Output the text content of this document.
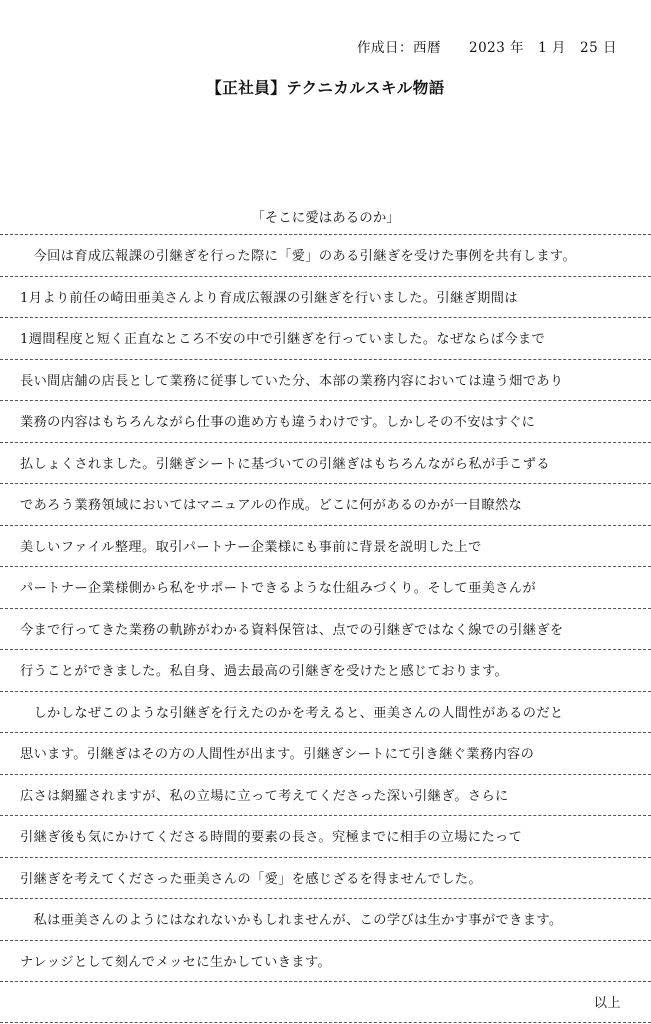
作成日：西暦　　2023 年　1 月　25 日
【正社員】テクニカルスキル物語
「そこに愛はあるのか」
　今回は育成広報課の引継ぎを行った際に「愛」のある引継ぎを受けた事例を共有します。
1月より前任の崎田亜美さんより育成広報課の引継ぎを行いました。引継ぎ期間は
1週間程度と短く正直なところ不安の中で引継ぎを行っていました。なぜならば今まで
長い間店舗の店長として業務に従事していた分、本部の業務内容においては違う畑であり
業務の内容はもちろんながら仕事の進め方も違うわけです。しかしその不安はすぐに
払しょくされました。引継ぎシートに基づいての引継ぎはもちろんながら私が手こずる
であろう業務領域においてはマニュアルの作成。どこに何があるのかが一目瞭然な
美しいファイル整理。取引パートナー企業様にも事前に背景を説明した上で
パートナー企業様側から私をサポートできるような仕組みづくり。そして亜美さんが
今まで行ってきた業務の軌跡がわかる資料保管は、点での引継ぎではなく線での引継ぎを
行うことができました。私自身、過去最高の引継ぎを受けたと感じております。
　しかしなぜこのような引継ぎを行えたのかを考えると、亜美さんの人間性があるのだと
思います。引継ぎはその方の人間性が出ます。引継ぎシートにて引き継ぐ業務内容の
広さは網羅されますが、私の立場に立って考えてくださった深い引継ぎ。さらに
引継ぎ後も気にかけてくださる時間的要素の長さ。究極までに相手の立場にたって
引継ぎを考えてくださった亜美さんの「愛」を感じざるを得ませんでした。
　私は亜美さんのようにはなれないかもしれませんが、この学びは生かす事ができます。
ナレッジとして刻んでメッセに生かしていきます。
以上
